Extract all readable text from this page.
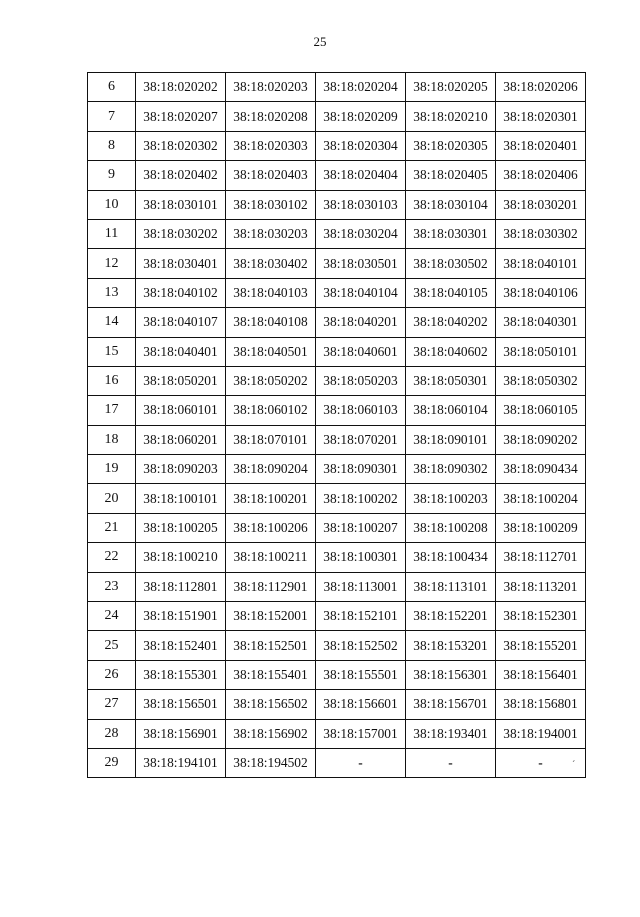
25
6	38:18:020202	38:18:020203	38:18:020204	38:18:020205	38:18:020206
7	38:18:020207	38:18:020208	38:18:020209	38:18:020210	38:18:020301
8	38:18:020302	38:18:020303	38:18:020304	38:18:020305	38:18:020401
9	38:18:020402	38:18:020403	38:18:020404	38:18:020405	38:18:020406
10	38:18:030101	38:18:030102	38:18:030103	38:18:030104	38:18:030201
11	38:18:030202	38:18:030203	38:18:030204	38:18:030301	38:18:030302
12	38:18:030401	38:18:030402	38:18:030501	38:18:030502	38:18:040101
13	38:18:040102	38:18:040103	38:18:040104	38:18:040105	38:18:040106
14	38:18:040107	38:18:040108	38:18:040201	38:18:040202	38:18:040301
15	38:18:040401	38:18:040501	38:18:040601	38:18:040602	38:18:050101
16	38:18:050201	38:18:050202	38:18:050203	38:18:050301	38:18:050302
17	38:18:060101	38:18:060102	38:18:060103	38:18:060104	38:18:060105
18	38:18:060201	38:18:070101	38:18:070201	38:18:090101	38:18:090202
19	38:18:090203	38:18:090204	38:18:090301	38:18:090302	38:18:090434
20	38:18:100101	38:18:100201	38:18:100202	38:18:100203	38:18:100204
21	38:18:100205	38:18:100206	38:18:100207	38:18:100208	38:18:100209
22	38:18:100210	38:18:100211	38:18:100301	38:18:100434	38:18:112701
23	38:18:112801	38:18:112901	38:18:113001	38:18:113101	38:18:113201
24	38:18:151901	38:18:152001	38:18:152101	38:18:152201	38:18:152301
25	38:18:152401	38:18:152501	38:18:152502	38:18:153201	38:18:155201
26	38:18:155301	38:18:155401	38:18:155501	38:18:156301	38:18:156401
27	38:18:156501	38:18:156502	38:18:156601	38:18:156701	38:18:156801
28	38:18:156901	38:18:156902	38:18:157001	38:18:193401	38:18:194001
29	38:18:194101	38:18:194502	-	-	-	ˊ
